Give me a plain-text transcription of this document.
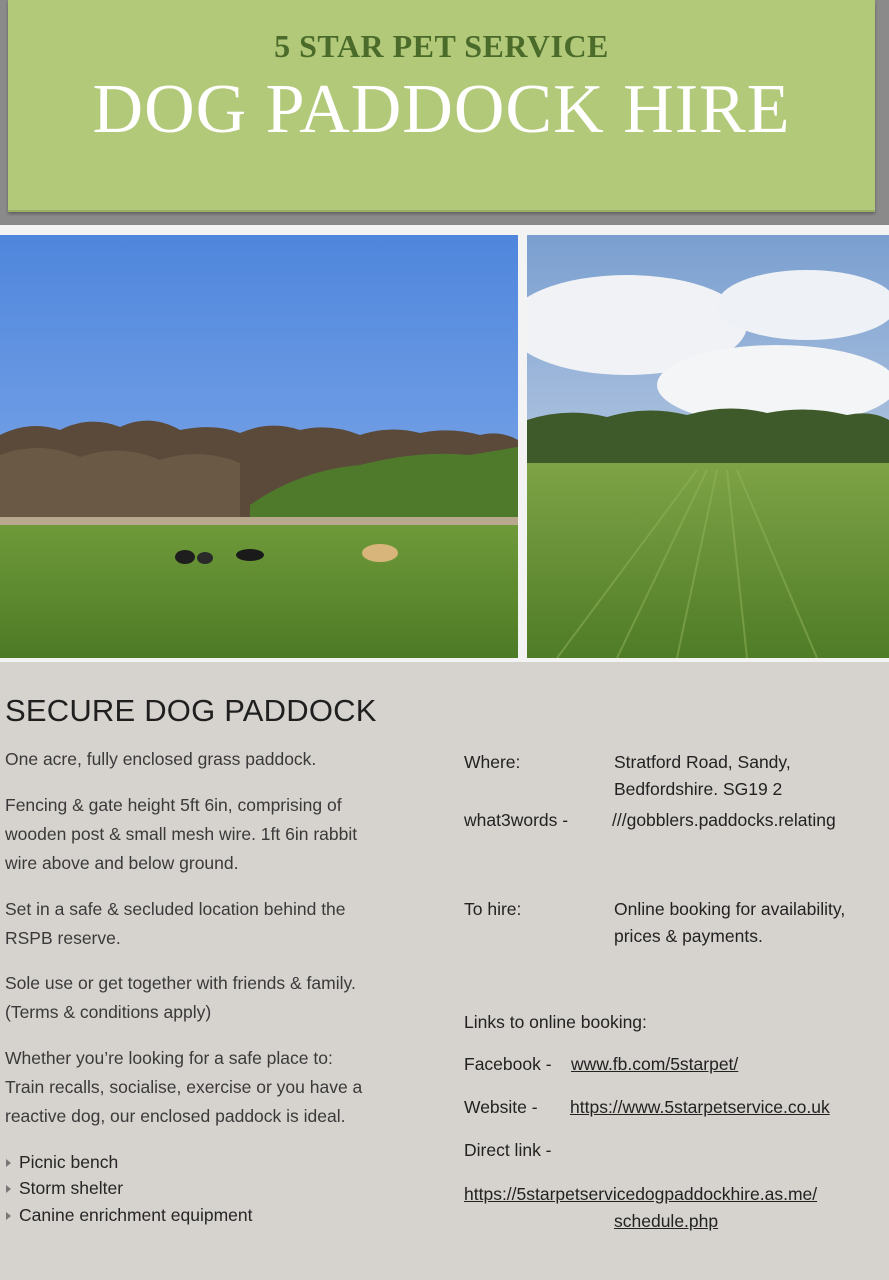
5 STAR PET SERVICE
DOG PADDOCK HIRE
SECURE DOG PADDOCK
One acre, fully enclosed grass paddock.
Fencing & gate height 5ft 6in, comprising of
wooden post & small mesh wire. 1ft 6in rabbit
wire above and below ground.
Set in a safe & secluded location behind the
RSPB reserve.
Sole use or get together with friends & family.
(Terms & conditions apply)
Whether you’re looking for a safe place to:
Train recalls, socialise, exercise or you have a
reactive dog, our enclosed paddock is ideal.
Picnic bench
Storm shelter
Canine enrichment equipment
Where:	Stratford Road, Sandy,
Bedfordshire. SG19 2
what3words -	///gobblers.paddocks.relating
To hire:	Online booking for availability,
prices & payments.
Links to online booking:
Facebook - www.fb.com/5starpet/
Website - https://www.5starpetservice.co.uk
Direct link -
https://5starpetservicedogpaddockhire.as.me/
schedule.php
